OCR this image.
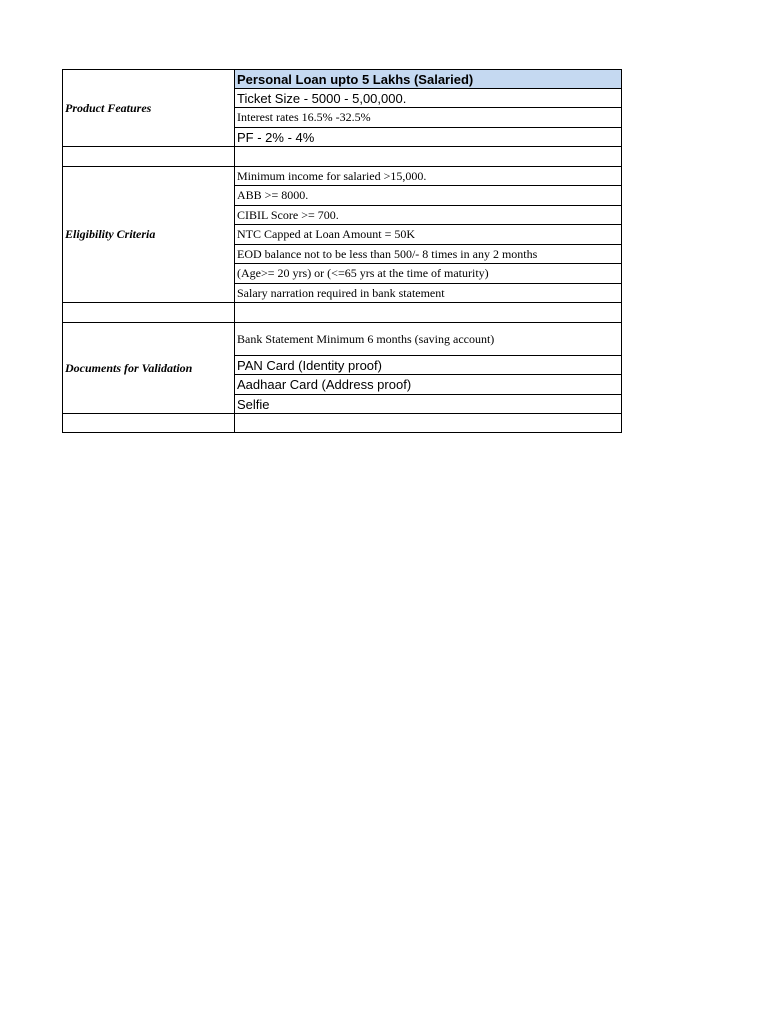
Product Features	Personal Loan upto 5 Lakhs (Salaried)
	Ticket Size - 5000 - 5,00,000.
	Interest rates 16.5% -32.5%
	PF - 2% - 4%

Eligibility Criteria	Minimum income for salaried >15,000.
	ABB >= 8000.
	CIBIL Score >= 700.
	NTC Capped at Loan Amount = 50K
	EOD balance not to be less than 500/- 8 times in any 2 months
	(Age>= 20 yrs) or (<=65 yrs at the time of maturity)
	Salary narration required in bank statement

Documents for Validation	Bank Statement Minimum 6 months (saving account)
	PAN Card (Identity proof)
	Aadhaar Card (Address proof)
	Selfie
